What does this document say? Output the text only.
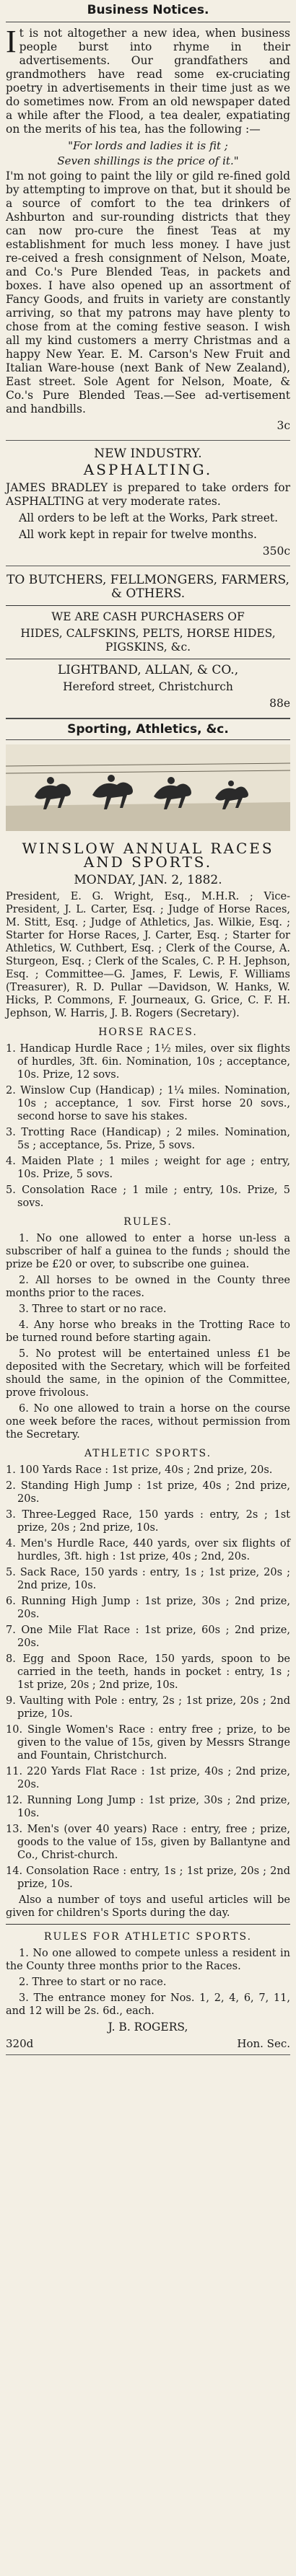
Business Notices.

It is not altogether a new idea, when business people burst into rhyme in their advertisements. Our grandfathers and grandmothers have read some ex-cruciating poetry in advertisements in their time just as we do sometimes now. From an old newspaper dated a while after the Flood, a tea dealer, expatiating on the merits of his tea, has the following :—

"For lords and ladies it is fit ;

Seven shillings is the price of it."

I'm not going to paint the lily or gild re-fined gold by attempting to improve on that, but it should be a source of comfort to the tea drinkers of Ashburton and sur-rounding districts that they can now pro-cure the finest Teas at my establishment for much less money. I have just re-ceived a fresh consignment of Nelson, Moate, and Co.'s Pure Blended Teas, in packets and boxes. I have also opened up an assortment of Fancy Goods, and fruits in variety are constantly arriving, so that my patrons may have plenty to chose from at the coming festive season. I wish all my kind customers a merry Christmas and a happy New Year. E. M. Carson's New Fruit and Italian Ware-house (next Bank of New Zealand), East street. Sole Agent for Nelson, Moate, & Co.'s Pure Blended Teas.—See ad-vertisement and handbills.

3c

NEW INDUSTRY.

ASPHALTING.

JAMES BRADLEY is prepared to take orders for ASPHALTING at very moderate rates.

All orders to be left at the Works, Park street.

All work kept in repair for twelve months.

350c

TO BUTCHERS, FELLMONGERS, FARMERS, & OTHERS.

WE ARE CASH PURCHASERS OF

HIDES, CALFSKINS, PELTS, HORSE HIDES, PIGSKINS, &c.

LIGHTBAND, ALLAN, & CO.,

Hereford street, Christchurch

88e

Sporting, Athletics, &c.

WINSLOW ANNUAL RACES AND SPORTS.

MONDAY, JAN. 2, 1882.

President, E. G. Wright, Esq., M.H.R. ; Vice-President, J. L. Carter, Esq. ; Judge of Horse Races, M. Stitt, Esq. ; Judge of Athletics, Jas. Wilkie, Esq. ; Starter for Horse Races, J. Carter, Esq. ; Starter for Athletics, W. Cuthbert, Esq. ; Clerk of the Course, A. Sturgeon, Esq. ; Clerk of the Scales, C. P. H. Jephson, Esq. ; Committee—G. James, F. Lewis, F. Williams (Treasurer), R. D. Pullar —Davidson, W. Hanks, W. Hicks, P. Commons, F. Journeaux, G. Grice, C. F. H. Jephson, W. Harris, J. B. Rogers (Secretary).

HORSE RACES.

1. Handicap Hurdle Race ; 1½ miles, over six flights of hurdles, 3ft. 6in. Nomination, 10s ; acceptance, 10s. Prize, 12 sovs.

2. Winslow Cup (Handicap) ; 1¼ miles. Nomination, 10s ; acceptance, 1 sov. First horse 20 sovs., second horse to save his stakes.

3. Trotting Race (Handicap) ; 2 miles. Nomination, 5s ; acceptance, 5s. Prize, 5 sovs.

4. Maiden Plate ; 1 miles ; weight for age ; entry, 10s. Prize, 5 sovs.

5. Consolation Race ; 1 mile ; entry, 10s. Prize, 5 sovs.

RULES.

1. No one allowed to enter a horse un-less a subscriber of half a guinea to the funds ; should the prize be £20 or over, to subscribe one guinea.

2. All horses to be owned in the County three months prior to the races.

3. Three to start or no race.

4. Any horse who breaks in the Trotting Race to be turned round before starting again.

5. No protest will be entertained unless £1 be deposited with the Secretary, which will be forfeited should the same, in the opinion of the Committee, prove frivolous.

6. No one allowed to train a horse on the course one week before the races, without permission from the Secretary.

ATHLETIC SPORTS.

1. 100 Yards Race : 1st prize, 40s ; 2nd prize, 20s.

2. Standing High Jump : 1st prize, 40s ; 2nd prize, 20s.

3. Three-Legged Race, 150 yards : entry, 2s ; 1st prize, 20s ; 2nd prize, 10s.

4. Men's Hurdle Race, 440 yards, over six flights of hurdles, 3ft. high : 1st prize, 40s ; 2nd, 20s.

5. Sack Race, 150 yards : entry, 1s ; 1st prize, 20s ; 2nd prize, 10s.

6. Running High Jump : 1st prize, 30s ; 2nd prize, 20s.

7. One Mile Flat Race : 1st prize, 60s ; 2nd prize, 20s.

8. Egg and Spoon Race, 150 yards, spoon to be carried in the teeth, hands in pocket : entry, 1s ; 1st prize, 20s ; 2nd prize, 10s.

9. Vaulting with Pole : entry, 2s ; 1st prize, 20s ; 2nd prize, 10s.

10. Single Women's Race : entry free ; prize, to be given to the value of 15s, given by Messrs Strange and Fountain, Christchurch.

11. 220 Yards Flat Race : 1st prize, 40s ; 2nd prize, 20s.

12. Running Long Jump : 1st prize, 30s ; 2nd prize, 10s.

13. Men's (over 40 years) Race : entry, free ; prize, goods to the value of 15s, given by Ballantyne and Co., Christ-church.

14. Consolation Race : entry, 1s ; 1st prize, 20s ; 2nd prize, 10s.

Also a number of toys and useful articles will be given for children's Sports during the day.

RULES FOR ATHLETIC SPORTS.

1. No one allowed to compete unless a resident in the County three months prior to the Races.

2. Three to start or no race.

3. The entrance money for Nos. 1, 2, 4, 6, 7, 11, and 12 will be 2s. 6d., each.

J. B. ROGERS,

320d	Hon. Sec.
